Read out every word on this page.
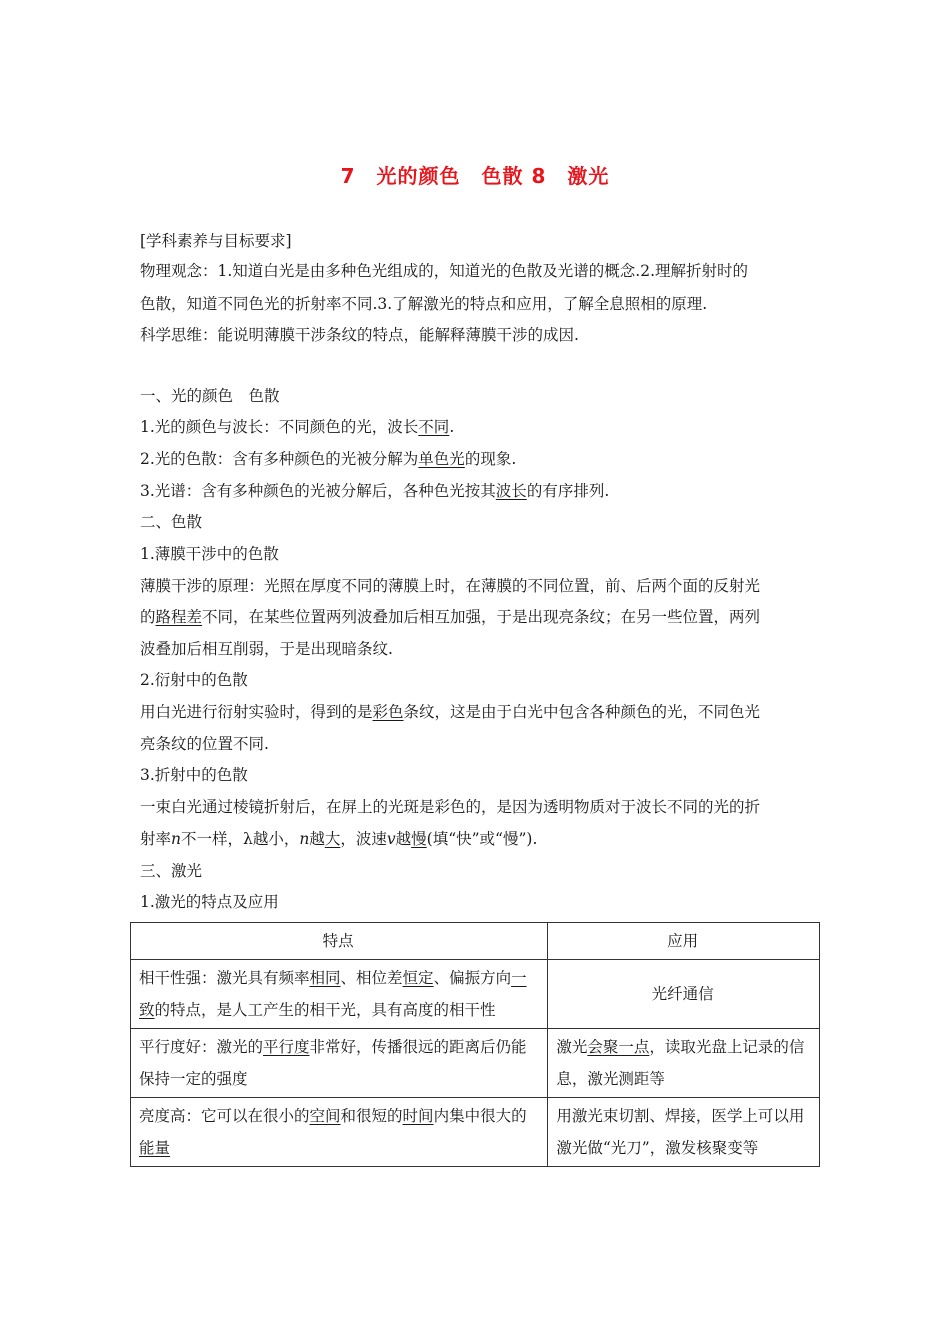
7　光的颜色　色散 8　激光
[学科素养与目标要求]
物理观念：1.知道白光是由多种色光组成的，知道光的色散及光谱的概念.2.理解折射时的
色散，知道不同色光的折射率不同.3.了解激光的特点和应用，了解全息照相的原理.
科学思维：能说明薄膜干涉条纹的特点，能解释薄膜干涉的成因.
一、光的颜色　色散
1.光的颜色与波长：不同颜色的光，波长不同.
2.光的色散：含有多种颜色的光被分解为单色光的现象.
3.光谱：含有多种颜色的光被分解后，各种色光按其波长的有序排列.
二、色散
1.薄膜干涉中的色散
薄膜干涉的原理：光照在厚度不同的薄膜上时，在薄膜的不同位置，前、后两个面的反射光
的路程差不同，在某些位置两列波叠加后相互加强，于是出现亮条纹；在另一些位置，两列
波叠加后相互削弱，于是出现暗条纹.
2.衍射中的色散
用白光进行衍射实验时，得到的是彩色条纹，这是由于白光中包含各种颜色的光，不同色光
亮条纹的位置不同.
3.折射中的色散
一束白光通过棱镜折射后，在屏上的光斑是彩色的，是因为透明物质对于波长不同的光的折
射率n不一样，λ越小，n越大，波速v越慢(填“快”或“慢”).
三、激光
1.激光的特点及应用
特点	应用
相干性强：激光具有频率相同、相位差恒定、偏振方向一致的特点，是人工产生的相干光，具有高度的相干性	光纤通信
平行度好：激光的平行度非常好，传播很远的距离后仍能保持一定的强度	激光会聚一点，读取光盘上记录的信息，激光测距等
亮度高：它可以在很小的空间和很短的时间内集中很大的能量	用激光束切割、焊接，医学上可以用激光做“光刀”，激发核聚变等
